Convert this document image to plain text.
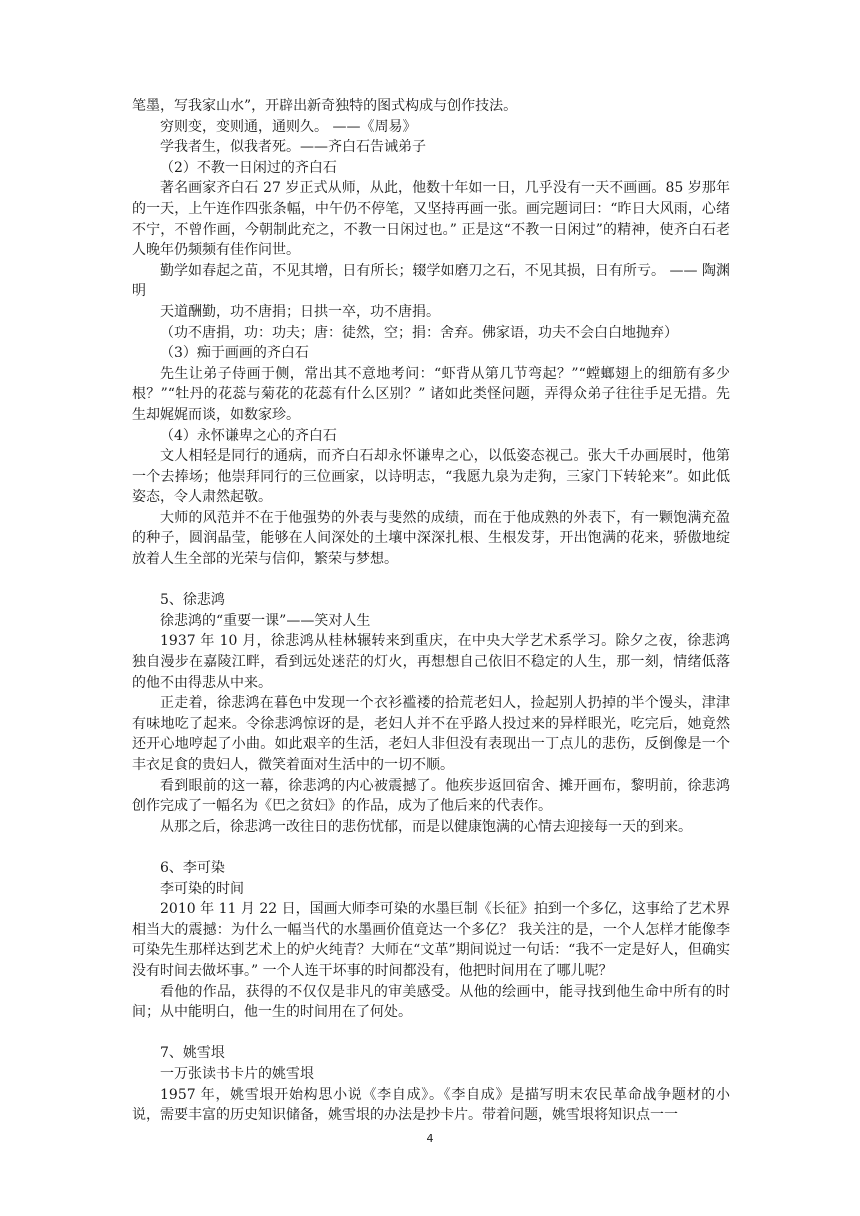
笔墨，写我家山水”，开辟出新奇独特的图式构成与创作技法。

穷则变，变则通，通则久。 ——《周易》

学我者生，似我者死。——齐白石告诫弟子

（2）不教一日闲过的齐白石

著名画家齐白石 27 岁正式从师，从此，他数十年如一日，几乎没有一天不画画。85 岁那年的一天，上午连作四张条幅，中午仍不停笔，又坚持再画一张。画完题词曰：“昨日大风雨，心绪不宁，不曾作画，今朝制此充之，不教一日闲过也。” 正是这“不教一日闲过”的精神，使齐白石老人晚年仍频频有佳作问世。

勤学如春起之苗，不见其增，日有所长；辍学如磨刀之石，不见其损，日有所亏。 —— 陶渊明

天道酬勤，功不唐捐；日拱一卒，功不唐捐。

（功不唐捐，功：功夫；唐：徒然，空；捐：舍弃。佛家语，功夫不会白白地抛弃）

（3）痴于画画的齐白石

先生让弟子侍画于侧，常出其不意地考问：“虾背从第几节弯起？”“螳螂翅上的细筋有多少根？”“牡丹的花蕊与菊花的花蕊有什么区别？” 诸如此类怪问题，弄得众弟子往往手足无措。先生却娓娓而谈，如数家珍。

（4）永怀谦卑之心的齐白石

文人相轻是同行的通病，而齐白石却永怀谦卑之心，以低姿态视己。张大千办画展时，他第一个去捧场；他崇拜同行的三位画家，以诗明志，“我愿九泉为走狗，三家门下转轮来”。如此低姿态，令人肃然起敬。

大师的风范并不在于他强势的外表与斐然的成绩，而在于他成熟的外表下，有一颗饱满充盈的种子，圆润晶莹，能够在人间深处的土壤中深深扎根、生根发芽，开出饱满的花来，骄傲地绽放着人生全部的光荣与信仰，繁荣与梦想。

5、徐悲鸿

徐悲鸿的“重要一课”——笑对人生

1937 年 10 月，徐悲鸿从桂林辗转来到重庆，在中央大学艺术系学习。除夕之夜，徐悲鸿独自漫步在嘉陵江畔，看到远处迷茫的灯火，再想想自己依旧不稳定的人生，那一刻，情绪低落的他不由得悲从中来。

正走着，徐悲鸿在暮色中发现一个衣衫褴褛的拾荒老妇人，捡起别人扔掉的半个馒头，津津有味地吃了起来。令徐悲鸿惊讶的是，老妇人并不在乎路人投过来的异样眼光，吃完后，她竟然还开心地哼起了小曲。如此艰辛的生活，老妇人非但没有表现出一丁点儿的悲伤，反倒像是一个丰衣足食的贵妇人，微笑着面对生活中的一切不顺。

看到眼前的这一幕，徐悲鸿的内心被震撼了。他疾步返回宿舍、摊开画布，黎明前，徐悲鸿创作完成了一幅名为《巴之贫妇》的作品，成为了他后来的代表作。

从那之后，徐悲鸿一改往日的悲伤忧郁，而是以健康饱满的心情去迎接每一天的到来。

6、李可染

李可染的时间

2010 年 11 月 22 日，国画大师李可染的水墨巨制《长征》拍到一个多亿，这事给了艺术界相当大的震撼：为什么一幅当代的水墨画价值竟达一个多亿？ 我关注的是，一个人怎样才能像李可染先生那样达到艺术上的炉火纯青？大师在“文革”期间说过一句话：“我不一定是好人，但确实没有时间去做坏事。” 一个人连干坏事的时间都没有，他把时间用在了哪儿呢？

看他的作品，获得的不仅仅是非凡的审美感受。从他的绘画中，能寻找到他生命中所有的时间；从中能明白，他一生的时间用在了何处。

7、姚雪垠

一万张读书卡片的姚雪垠

1957 年，姚雪垠开始构思小说《李自成》。《李自成》是描写明末农民革命战争题材的小说，需要丰富的历史知识储备，姚雪垠的办法是抄卡片。带着问题，姚雪垠将知识点一一

4
